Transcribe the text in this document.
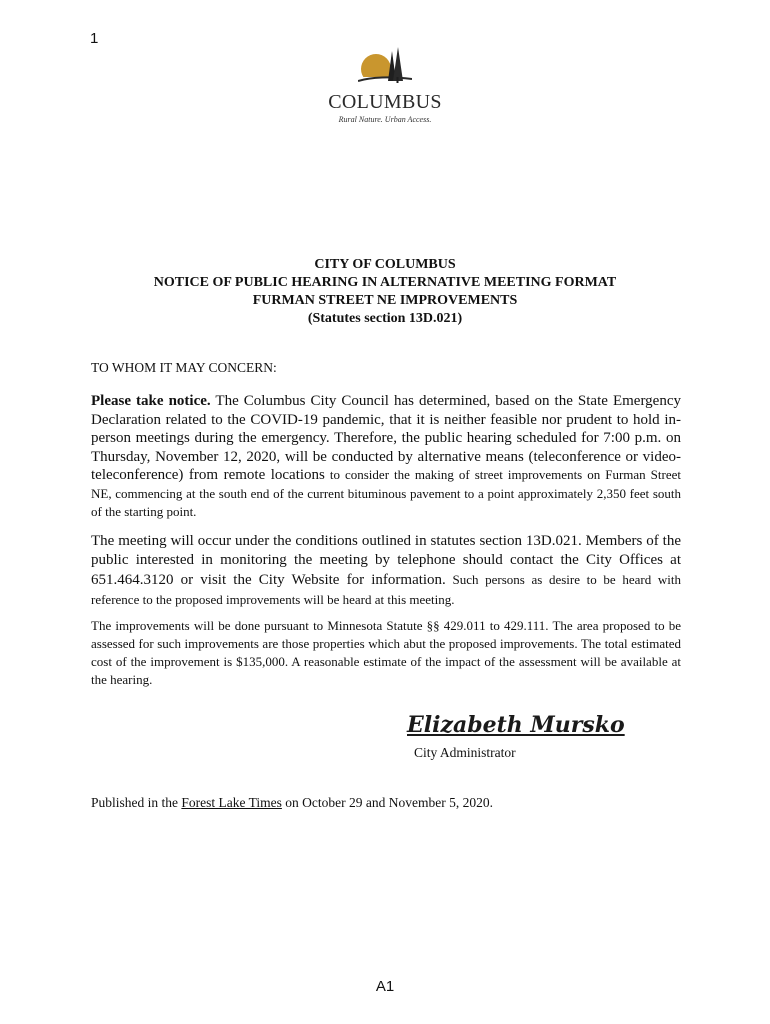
1
COLUMBUS
Rural Nature. Urban Access.
CITY OF COLUMBUS
NOTICE OF PUBLIC HEARING IN ALTERNATIVE MEETING FORMAT
FURMAN STREET NE IMPROVEMENTS
(Statutes section 13D.021)
TO WHOM IT MAY CONCERN:

Please take notice. The Columbus City Council has determined, based on the State Emergency Declaration related to the COVID-19 pandemic, that it is neither feasible nor prudent to hold in-person meetings during the emergency. Therefore, the public hearing scheduled for 7:00 p.m. on Thursday, November 12, 2020, will be conducted by alternative means (teleconference or video-teleconference) from remote locations to consider the making of street improvements on Furman Street NE, commencing at the south end of the current bituminous pavement to a point approximately 2,350 feet south of the starting point.

The meeting will occur under the conditions outlined in statutes section 13D.021. Members of the public interested in monitoring the meeting by telephone should contact the City Offices at 651.464.3120 or visit the City Website for information. Such persons as desire to be heard with reference to the proposed improvements will be heard at this meeting.

The improvements will be done pursuant to Minnesota Statute §§ 429.011 to 429.111. The area proposed to be assessed for such improvements are those properties which abut the proposed improvements. The total estimated cost of the improvement is $135,000. A reasonable estimate of the impact of the assessment will be available at the hearing.

Elizabeth Mursko
City Administrator
Published in the Forest Lake Times on October 29 and November 5, 2020.
A1
